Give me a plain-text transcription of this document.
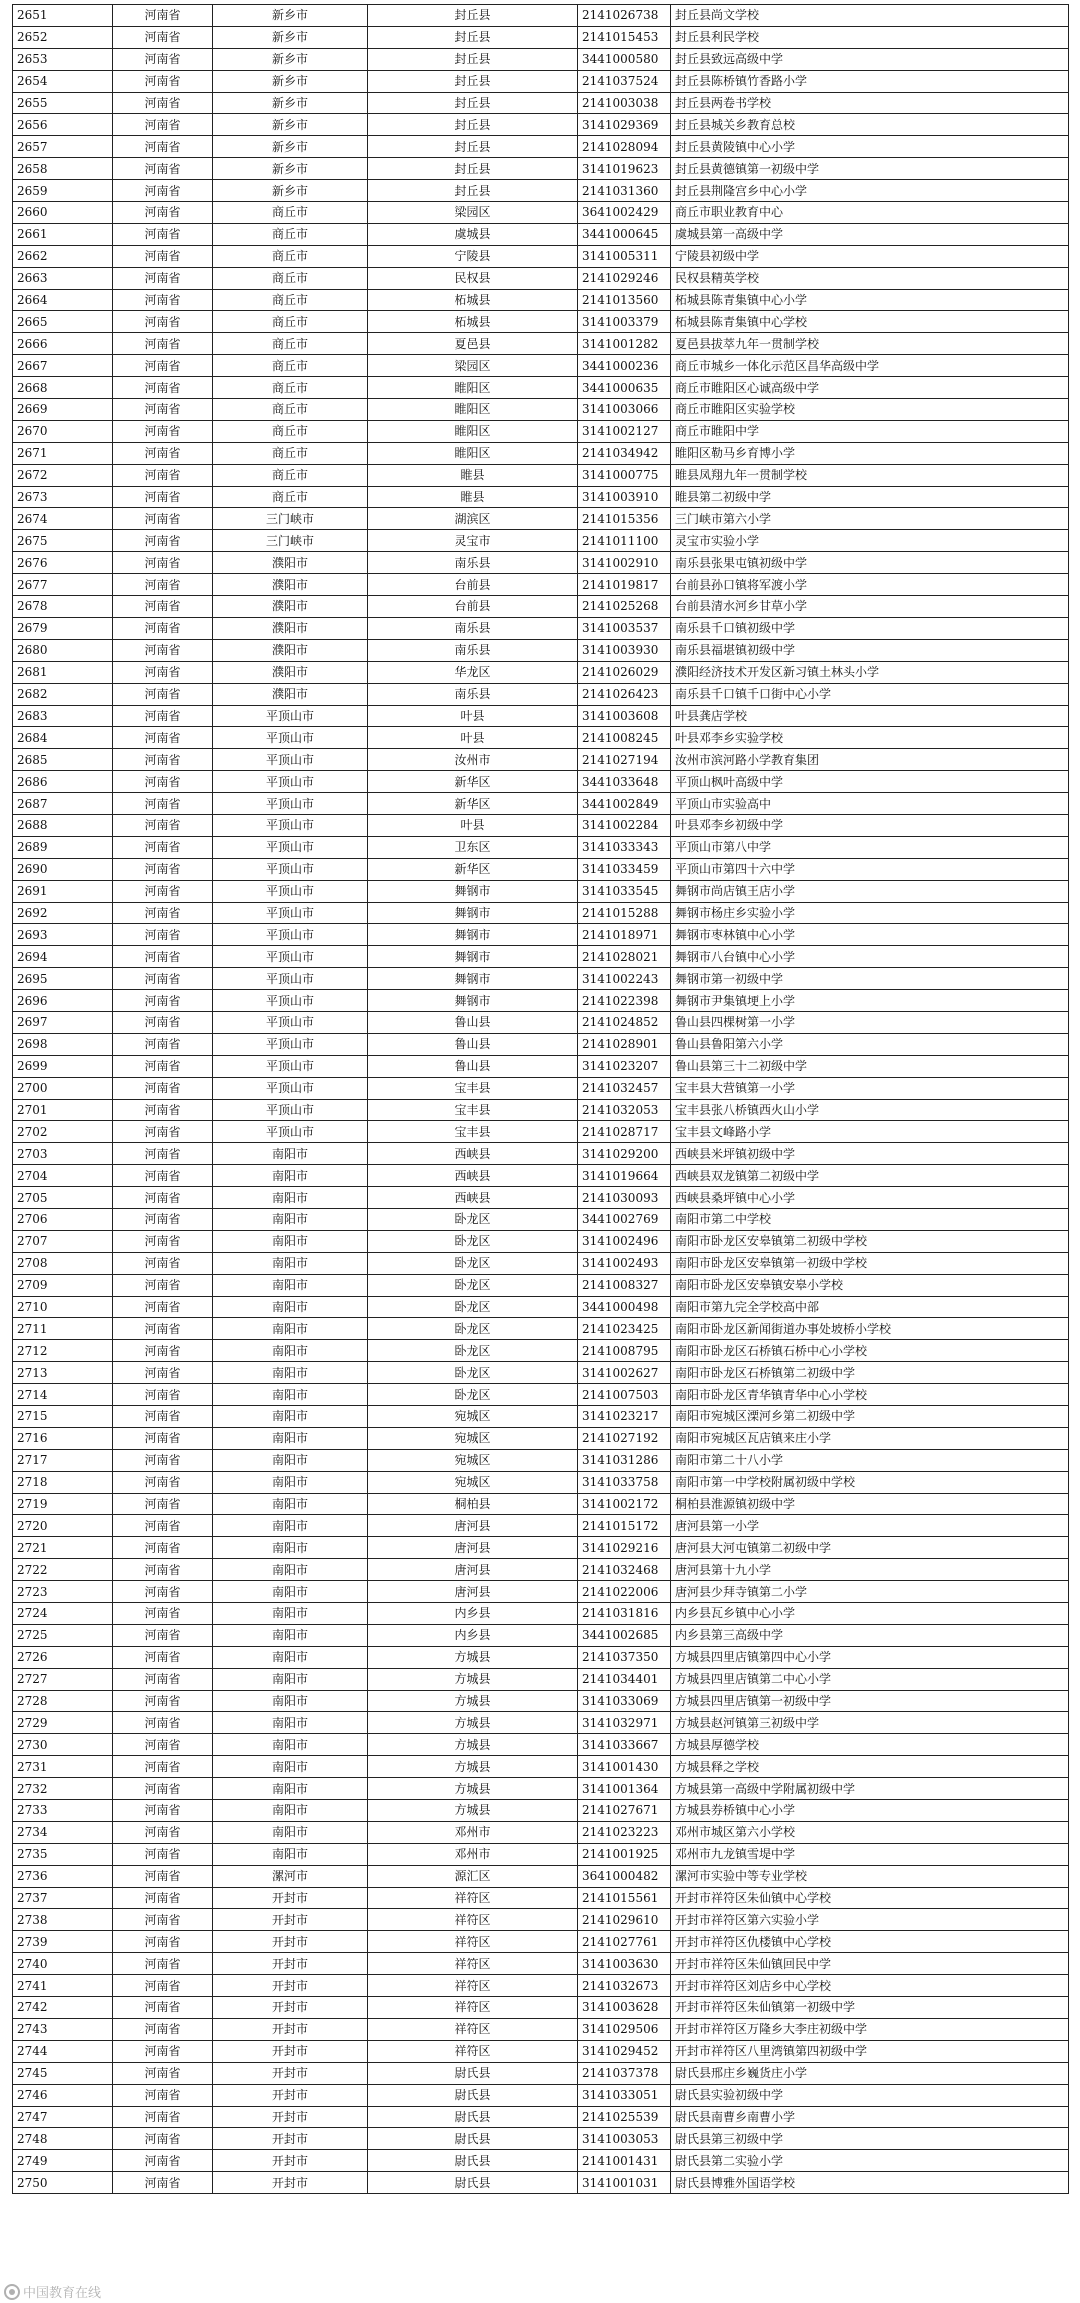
2651	河南省	新乡市	封丘县	2141026738	封丘县尚文学校
2652	河南省	新乡市	封丘县	2141015453	封丘县利民学校
2653	河南省	新乡市	封丘县	3441000580	封丘县致远高级中学
2654	河南省	新乡市	封丘县	2141037524	封丘县陈桥镇竹香路小学
2655	河南省	新乡市	封丘县	2141003038	封丘县两卷书学校
2656	河南省	新乡市	封丘县	3141029369	封丘县城关乡教育总校
2657	河南省	新乡市	封丘县	2141028094	封丘县黄陵镇中心小学
2658	河南省	新乡市	封丘县	3141019623	封丘县黄德镇第一初级中学
2659	河南省	新乡市	封丘县	2141031360	封丘县荆隆宫乡中心小学
2660	河南省	商丘市	梁园区	3641002429	商丘市职业教育中心
2661	河南省	商丘市	虞城县	3441000645	虞城县第一高级中学
2662	河南省	商丘市	宁陵县	3141005311	宁陵县初级中学
2663	河南省	商丘市	民权县	2141029246	民权县精英学校
2664	河南省	商丘市	柘城县	2141013560	柘城县陈青集镇中心小学
2665	河南省	商丘市	柘城县	3141003379	柘城县陈青集镇中心学校
2666	河南省	商丘市	夏邑县	3141001282	夏邑县拔萃九年一贯制学校
2667	河南省	商丘市	梁园区	3441000236	商丘市城乡一体化示范区昌华高级中学
2668	河南省	商丘市	睢阳区	3441000635	商丘市睢阳区心诚高级中学
2669	河南省	商丘市	睢阳区	3141003066	商丘市睢阳区实验学校
2670	河南省	商丘市	睢阳区	3141002127	商丘市睢阳中学
2671	河南省	商丘市	睢阳区	2141034942	睢阳区勒马乡育博小学
2672	河南省	商丘市	睢县	3141000775	睢县凤翔九年一贯制学校
2673	河南省	商丘市	睢县	3141003910	睢县第二初级中学
2674	河南省	三门峡市	湖滨区	2141015356	三门峡市第六小学
2675	河南省	三门峡市	灵宝市	2141011100	灵宝市实验小学
2676	河南省	濮阳市	南乐县	3141002910	南乐县张果屯镇初级中学
2677	河南省	濮阳市	台前县	2141019817	台前县孙口镇将军渡小学
2678	河南省	濮阳市	台前县	2141025268	台前县清水河乡甘草小学
2679	河南省	濮阳市	南乐县	3141003537	南乐县千口镇初级中学
2680	河南省	濮阳市	南乐县	3141003930	南乐县福堪镇初级中学
2681	河南省	濮阳市	华龙区	2141026029	濮阳经济技术开发区新习镇土林头小学
2682	河南省	濮阳市	南乐县	2141026423	南乐县千口镇千口街中心小学
2683	河南省	平顶山市	叶县	3141003608	叶县龚店学校
2684	河南省	平顶山市	叶县	2141008245	叶县邓李乡实验学校
2685	河南省	平顶山市	汝州市	2141027194	汝州市滨河路小学教育集团
2686	河南省	平顶山市	新华区	3441033648	平顶山枫叶高级中学
2687	河南省	平顶山市	新华区	3441002849	平顶山市实验高中
2688	河南省	平顶山市	叶县	3141002284	叶县邓李乡初级中学
2689	河南省	平顶山市	卫东区	3141033343	平顶山市第八中学
2690	河南省	平顶山市	新华区	3141033459	平顶山市第四十六中学
2691	河南省	平顶山市	舞钢市	3141033545	舞钢市尚店镇王店小学
2692	河南省	平顶山市	舞钢市	2141015288	舞钢市杨庄乡实验小学
2693	河南省	平顶山市	舞钢市	2141018971	舞钢市枣林镇中心小学
2694	河南省	平顶山市	舞钢市	2141028021	舞钢市八台镇中心小学
2695	河南省	平顶山市	舞钢市	3141002243	舞钢市第一初级中学
2696	河南省	平顶山市	舞钢市	2141022398	舞钢市尹集镇埂上小学
2697	河南省	平顶山市	鲁山县	2141024852	鲁山县四棵树第一小学
2698	河南省	平顶山市	鲁山县	2141028901	鲁山县鲁阳第六小学
2699	河南省	平顶山市	鲁山县	3141023207	鲁山县第三十二初级中学
2700	河南省	平顶山市	宝丰县	2141032457	宝丰县大营镇第一小学
2701	河南省	平顶山市	宝丰县	2141032053	宝丰县张八桥镇西火山小学
2702	河南省	平顶山市	宝丰县	2141028717	宝丰县文峰路小学
2703	河南省	南阳市	西峡县	3141029200	西峡县米坪镇初级中学
2704	河南省	南阳市	西峡县	3141019664	西峡县双龙镇第二初级中学
2705	河南省	南阳市	西峡县	2141030093	西峡县桑坪镇中心小学
2706	河南省	南阳市	卧龙区	3441002769	南阳市第二中学校
2707	河南省	南阳市	卧龙区	3141002496	南阳市卧龙区安皋镇第二初级中学校
2708	河南省	南阳市	卧龙区	3141002493	南阳市卧龙区安皋镇第一初级中学校
2709	河南省	南阳市	卧龙区	2141008327	南阳市卧龙区安皋镇安皋小学校
2710	河南省	南阳市	卧龙区	3441000498	南阳市第九完全学校高中部
2711	河南省	南阳市	卧龙区	2141023425	南阳市卧龙区新闻街道办事处坡桥小学校
2712	河南省	南阳市	卧龙区	2141008795	南阳市卧龙区石桥镇石桥中心小学校
2713	河南省	南阳市	卧龙区	3141002627	南阳市卧龙区石桥镇第二初级中学
2714	河南省	南阳市	卧龙区	2141007503	南阳市卧龙区青华镇青华中心小学校
2715	河南省	南阳市	宛城区	3141023217	南阳市宛城区溧河乡第二初级中学
2716	河南省	南阳市	宛城区	2141027192	南阳市宛城区瓦店镇来庄小学
2717	河南省	南阳市	宛城区	3141031286	南阳市第二十八小学
2718	河南省	南阳市	宛城区	3141033758	南阳市第一中学校附属初级中学校
2719	河南省	南阳市	桐柏县	3141002172	桐柏县淮源镇初级中学
2720	河南省	南阳市	唐河县	2141015172	唐河县第一小学
2721	河南省	南阳市	唐河县	3141029216	唐河县大河屯镇第二初级中学
2722	河南省	南阳市	唐河县	2141032468	唐河县第十九小学
2723	河南省	南阳市	唐河县	2141022006	唐河县少拜寺镇第二小学
2724	河南省	南阳市	内乡县	2141031816	内乡县瓦乡镇中心小学
2725	河南省	南阳市	内乡县	3441002685	内乡县第三高级中学
2726	河南省	南阳市	方城县	2141037350	方城县四里店镇第四中心小学
2727	河南省	南阳市	方城县	2141034401	方城县四里店镇第二中心小学
2728	河南省	南阳市	方城县	3141033069	方城县四里店镇第一初级中学
2729	河南省	南阳市	方城县	3141032971	方城县赵河镇第三初级中学
2730	河南省	南阳市	方城县	3141033667	方城县厚德学校
2731	河南省	南阳市	方城县	3141001430	方城县释之学校
2732	河南省	南阳市	方城县	3141001364	方城县第一高级中学附属初级中学
2733	河南省	南阳市	方城县	2141027671	方城县券桥镇中心小学
2734	河南省	南阳市	邓州市	2141023223	邓州市城区第六小学校
2735	河南省	南阳市	邓州市	2141001925	邓州市九龙镇雪堤中学
2736	河南省	漯河市	源汇区	3641000482	漯河市实验中等专业学校
2737	河南省	开封市	祥符区	2141015561	开封市祥符区朱仙镇中心学校
2738	河南省	开封市	祥符区	2141029610	开封市祥符区第六实验小学
2739	河南省	开封市	祥符区	2141027761	开封市祥符区仇楼镇中心学校
2740	河南省	开封市	祥符区	3141003630	开封市祥符区朱仙镇回民中学
2741	河南省	开封市	祥符区	2141032673	开封市祥符区刘店乡中心学校
2742	河南省	开封市	祥符区	3141003628	开封市祥符区朱仙镇第一初级中学
2743	河南省	开封市	祥符区	3141029506	开封市祥符区万隆乡大李庄初级中学
2744	河南省	开封市	祥符区	3141029452	开封市祥符区八里湾镇第四初级中学
2745	河南省	开封市	尉氏县	2141037378	尉氏县邢庄乡巍货庄小学
2746	河南省	开封市	尉氏县	3141033051	尉氏县实验初级中学
2747	河南省	开封市	尉氏县	2141025539	尉氏县南曹乡南曹小学
2748	河南省	开封市	尉氏县	3141003053	尉氏县第三初级中学
2749	河南省	开封市	尉氏县	2141001431	尉氏县第二实验小学
2750	河南省	开封市	尉氏县	3141001031	尉氏县博雅外国语学校
中国教育在线
